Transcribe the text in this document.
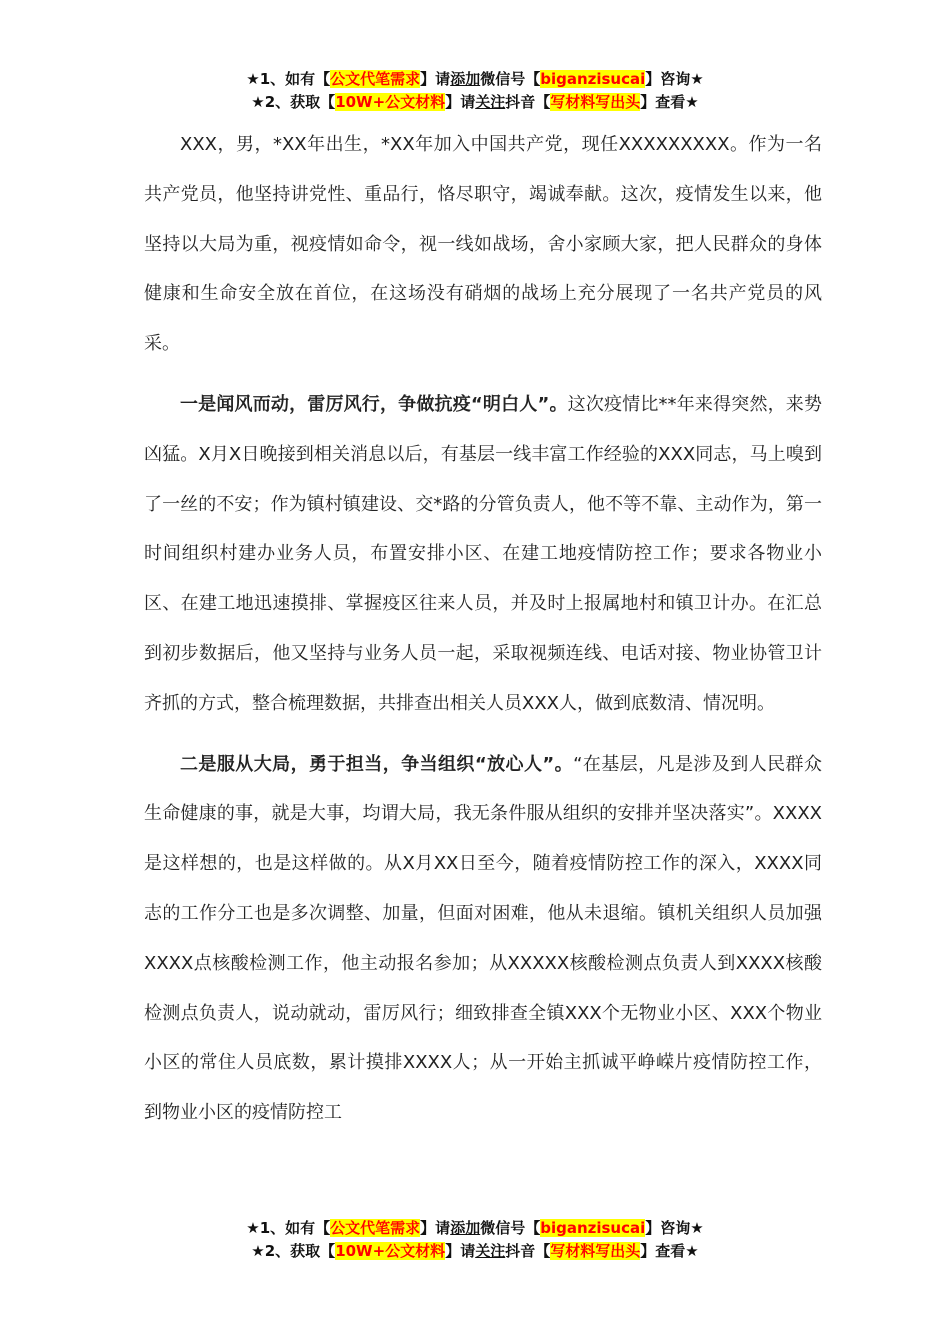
★1、如有【公文代笔需求】请添加微信号【biganzisucai】咨询★
★2、获取【10W+公文材料】请关注抖音【写材料写出头】查看★

XXX，男，*XX年出生，*XX年加入中国共产党，现任XXXXXXXXX。作为一名共产党员，他坚持讲党性、重品行，恪尽职守，竭诚奉献。这次，疫情发生以来，他坚持以大局为重，视疫情如命令，视一线如战场，舍小家顾大家，把人民群众的身体健康和生命安全放在首位，在这场没有硝烟的战场上充分展现了一名共产党员的风采。

一是闻风而动，雷厉风行，争做抗疫“明白人”。这次疫情比**年来得突然，来势凶猛。X月X日晚接到相关消息以后，有基层一线丰富工作经验的XXX同志，马上嗅到了一丝的不安；作为镇村镇建设、交*路的分管负责人，他不等不靠、主动作为，第一时间组织村建办业务人员，布置安排小区、在建工地疫情防控工作；要求各物业小区、在建工地迅速摸排、掌握疫区往来人员，并及时上报属地村和镇卫计办。在汇总到初步数据后，他又坚持与业务人员一起，采取视频连线、电话对接、物业协管卫计齐抓的方式，整合梳理数据，共排查出相关人员XXX人，做到底数清、情况明。

二是服从大局，勇于担当，争当组织“放心人”。“在基层，凡是涉及到人民群众生命健康的事，就是大事，均谓大局，我无条件服从组织的安排并坚决落实”。XXXX是这样想的，也是这样做的。从X月XX日至今，随着疫情防控工作的深入，XXXX同志的工作分工也是多次调整、加量，但面对困难，他从未退缩。镇机关组织人员加强XXXX点核酸检测工作，他主动报名参加；从XXXXX核酸检测点负责人到XXXX核酸检测点负责人，说动就动，雷厉风行；细致排查全镇XXX个无物业小区、XXX个物业小区的常住人员底数，累计摸排XXXX人；从一开始主抓诚平峥嵘片疫情防控工作，到物业小区的疫情防控工

★1、如有【公文代笔需求】请添加微信号【biganzisucai】咨询★
★2、获取【10W+公文材料】请关注抖音【写材料写出头】查看★
